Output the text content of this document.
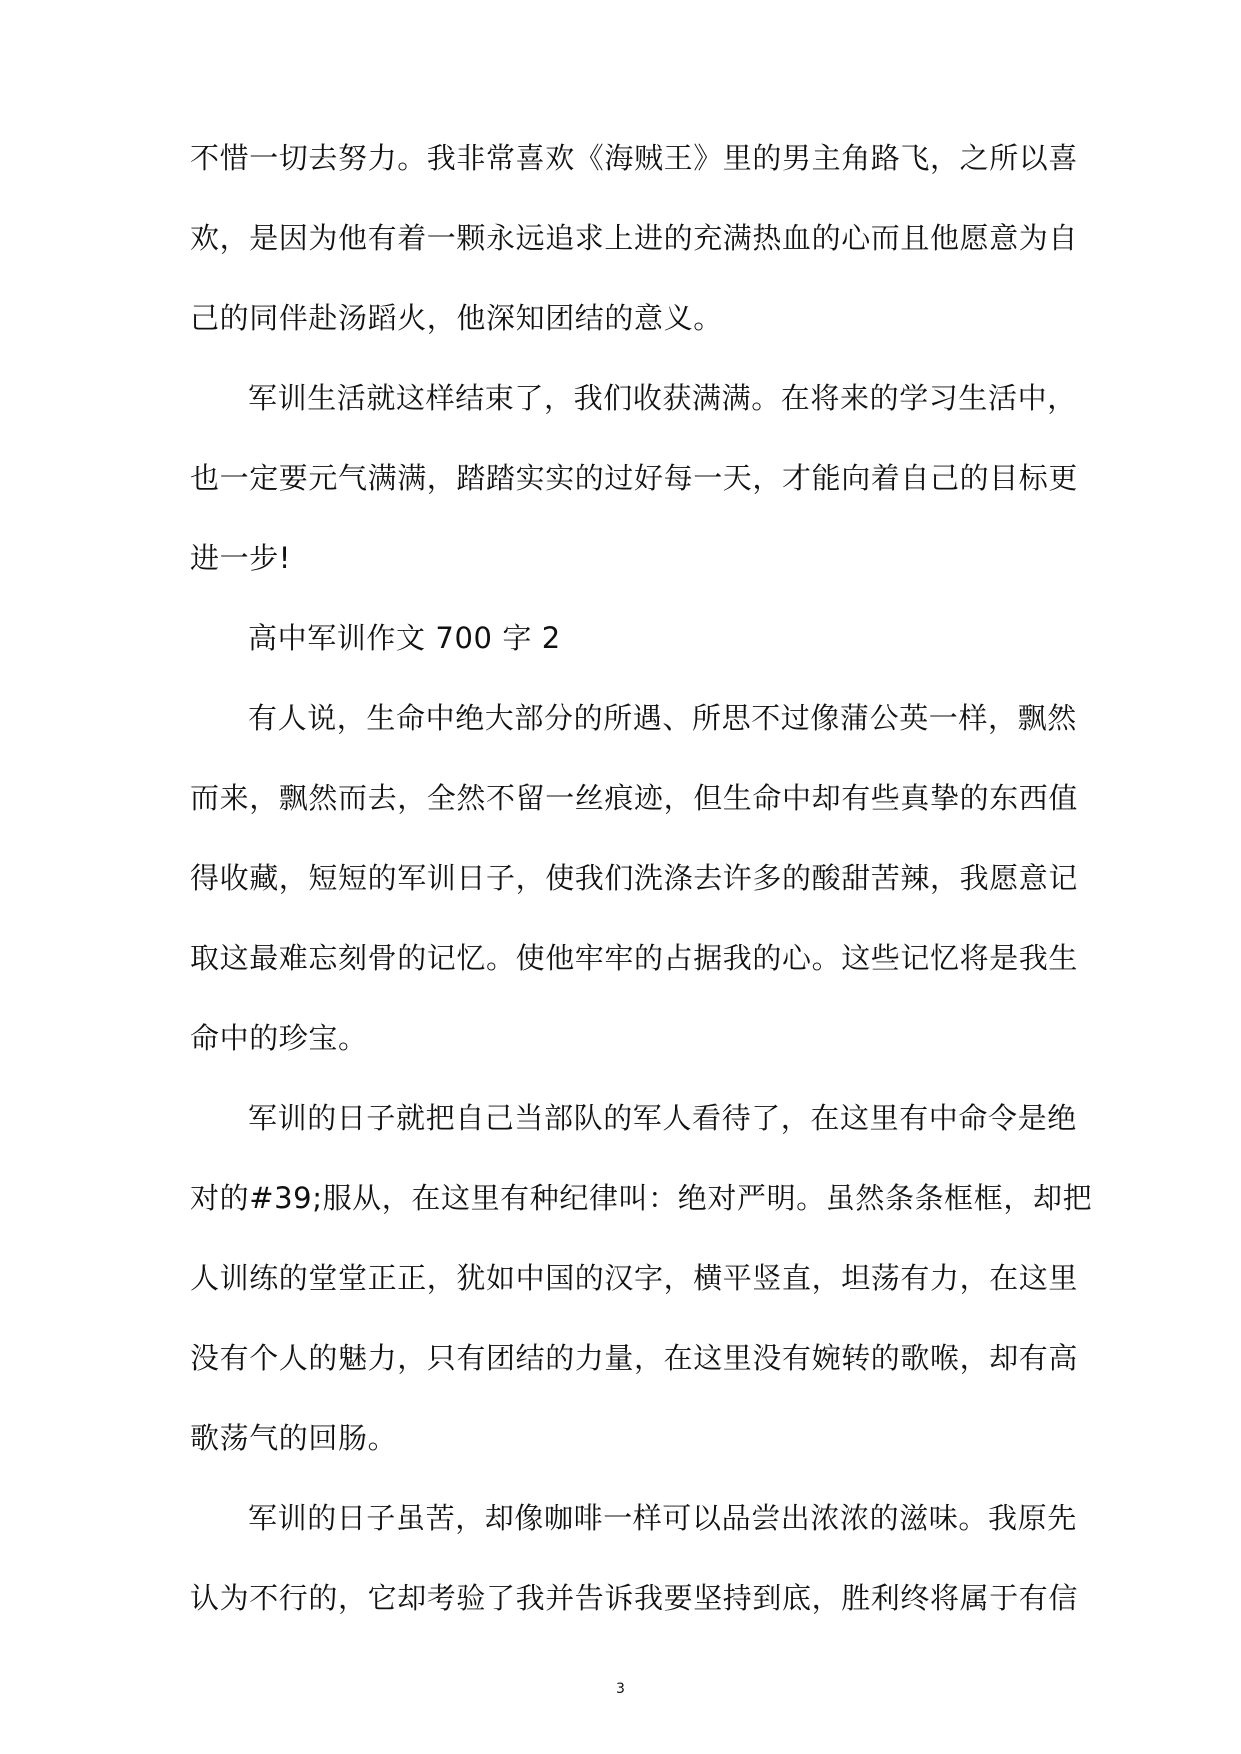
不惜一切去努力。我非常喜欢《海贼王》里的男主角路飞，之所以喜

欢，是因为他有着一颗永远追求上进的充满热血的心而且他愿意为自

己的同伴赴汤蹈火，他深知团结的意义。

军训生活就这样结束了，我们收获满满。在将来的学习生活中，

也一定要元气满满，踏踏实实的过好每一天，才能向着自己的目标更

进一步!

高中军训作文 700 字 2

有人说，生命中绝大部分的所遇、所思不过像蒲公英一样，飘然

而来，飘然而去，全然不留一丝痕迹，但生命中却有些真挚的东西值

得收藏，短短的军训日子，使我们洗涤去许多的酸甜苦辣，我愿意记

取这最难忘刻骨的记忆。使他牢牢的占据我的心。这些记忆将是我生

命中的珍宝。

军训的日子就把自己当部队的军人看待了，在这里有中命令是绝

对的#39;服从，在这里有种纪律叫：绝对严明。虽然条条框框，却把

人训练的堂堂正正，犹如中国的汉字，横平竖直，坦荡有力，在这里

没有个人的魅力，只有团结的力量，在这里没有婉转的歌喉，却有高

歌荡气的回肠。

军训的日子虽苦，却像咖啡一样可以品尝出浓浓的滋味。我原先

认为不行的，它却考验了我并告诉我要坚持到底，胜利终将属于有信

3
